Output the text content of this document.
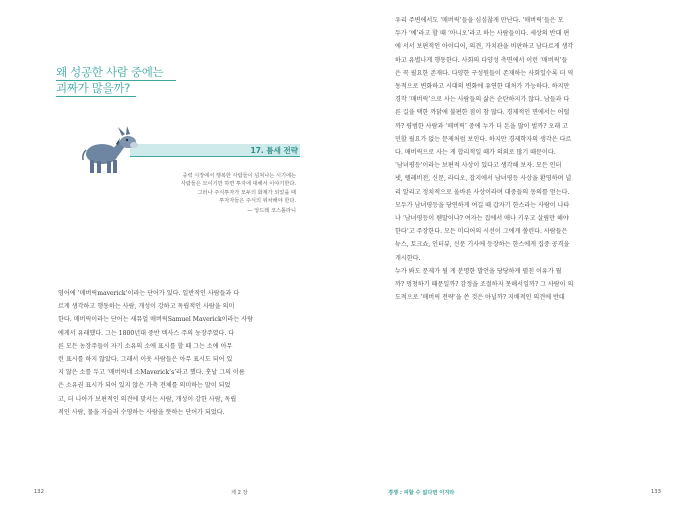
왜 성공한 사람 중에는
괴짜가 많을까?
17. 튬새 전략
중력 시장에서 행복한 사람들이 넘쳐나는 시기에는
사람들은 모이기만 하면 투자에 대해서 이야기한다.
그러나 주식투자가 모두의 화제가 되었을 때
투자자들은 주식의 위차해야 한다.
— 앙드레 코스톨라니
영어에 ‘매버릭maverick’이라는 단어가 있다. 일반적인 사람들과 다
르게 생각하고 행동하는 사람, 개성이 강하고 독립적인 사람을 의미
한다. 매버릭이라는 단어는 새뮤얼 매버릭Samuel Maverick이라는 사람
에게서 유래했다. 그는 1800년대 중반 텍사스 주의 농장주였다. 다
른 모든 농장주들이 자기 소유의 소에 표시를 할 때 그는 소에 아무
런 표시를 하지 않았다. 그래서 이웃 사람들은 아무 표시도 되어 있
지 않은 소를 두고 ‘매버릭네 소Maverick’s’라고 했다. 훗날 그의 이름
은 소유권 표시가 되어 있지 않은 가축 전체를 의미하는 말이 되었
고, 더 나아가 보편적인 의견에 맞서는 사람, 개성이 강한 사람, 독립
적인 사람, 물을 거슬러 수영하는 사람을 뜻하는 단어가 되었다.
132	제 2 장
우리 주변에서도 ‘매버릭’들을 심심찮게 만난다. ‘매버릭’들은 모
두가 ‘예’라고 할 때 ‘아니오’라고 하는 사람들이다. 세상의 반대 편
에 서서 보편적인 아이디어, 의견, 가치관을 비판하고 남다르게 생각
하고 유별나게 행동한다. 사회의 다양성 측면에서 이런 ‘매버릭’들
은 꼭 필요한 존재다. 다양한 구성원들이 존재하는 사회일수록 더 역
동적으로 변화하고 시대의 변화에 유연한 대처가 가능하다. 하지만
경작 ‘매버릭’으로 사는 사람들의 삶은 순탄하지가 않다. 남들과 다
른 길을 택한 까닭에 불편한 점이 참 많다. 경제적인 면에서는 어떨
까? 평범한 사람과 ‘매버릭’ 중에 누가 더 돈을 많이 벌까? 오래 고
민할 필요가 없는 문제처럼 보인다. 하지만 경제학자의 생각은 다르
다. 매버릭으로 사는 게 합리적일 때가 의외로 많기 때문이다.
‘남녀평등’이라는 보편적 사상이 있다고 생각해 보자. 모든 인터
넷, 텔레비전, 신문, 라디오, 잡지에서 남녀평등 사상을 환영하며 널
리 알리고 정치적으로 올바른 사상이라며 대중들의 동의를 얻는다.
모두가 남녀평등을 당연하게 여길 때 갑자기 한스라는 사람이 나타
나 ‘남녀평등이 웬말이냐? 여자는 집에서 애나 키우고 살림만 해야
한다’고 주장한다. 모든 미디어의 시선이 그에게 쏠린다. 사람들은
뉴스, 토크쇼, 인터뷰, 신문 기사에 등장하는 한스에게 집중 공격을
개시한다.
누가 봐도 문제가 될 게 분명한 발언을 당당하게 펼친 이유가 뭘
까? 멍청하기 때문일까? 감정을 조절하지 못해서일까? 그 사람이 의
도적으로 ‘매버릭 전략’을 쓴 것은 아닐까? 지배적인 의견에 반대
경쟁 : 피할 수 없다면 이겨라	133
